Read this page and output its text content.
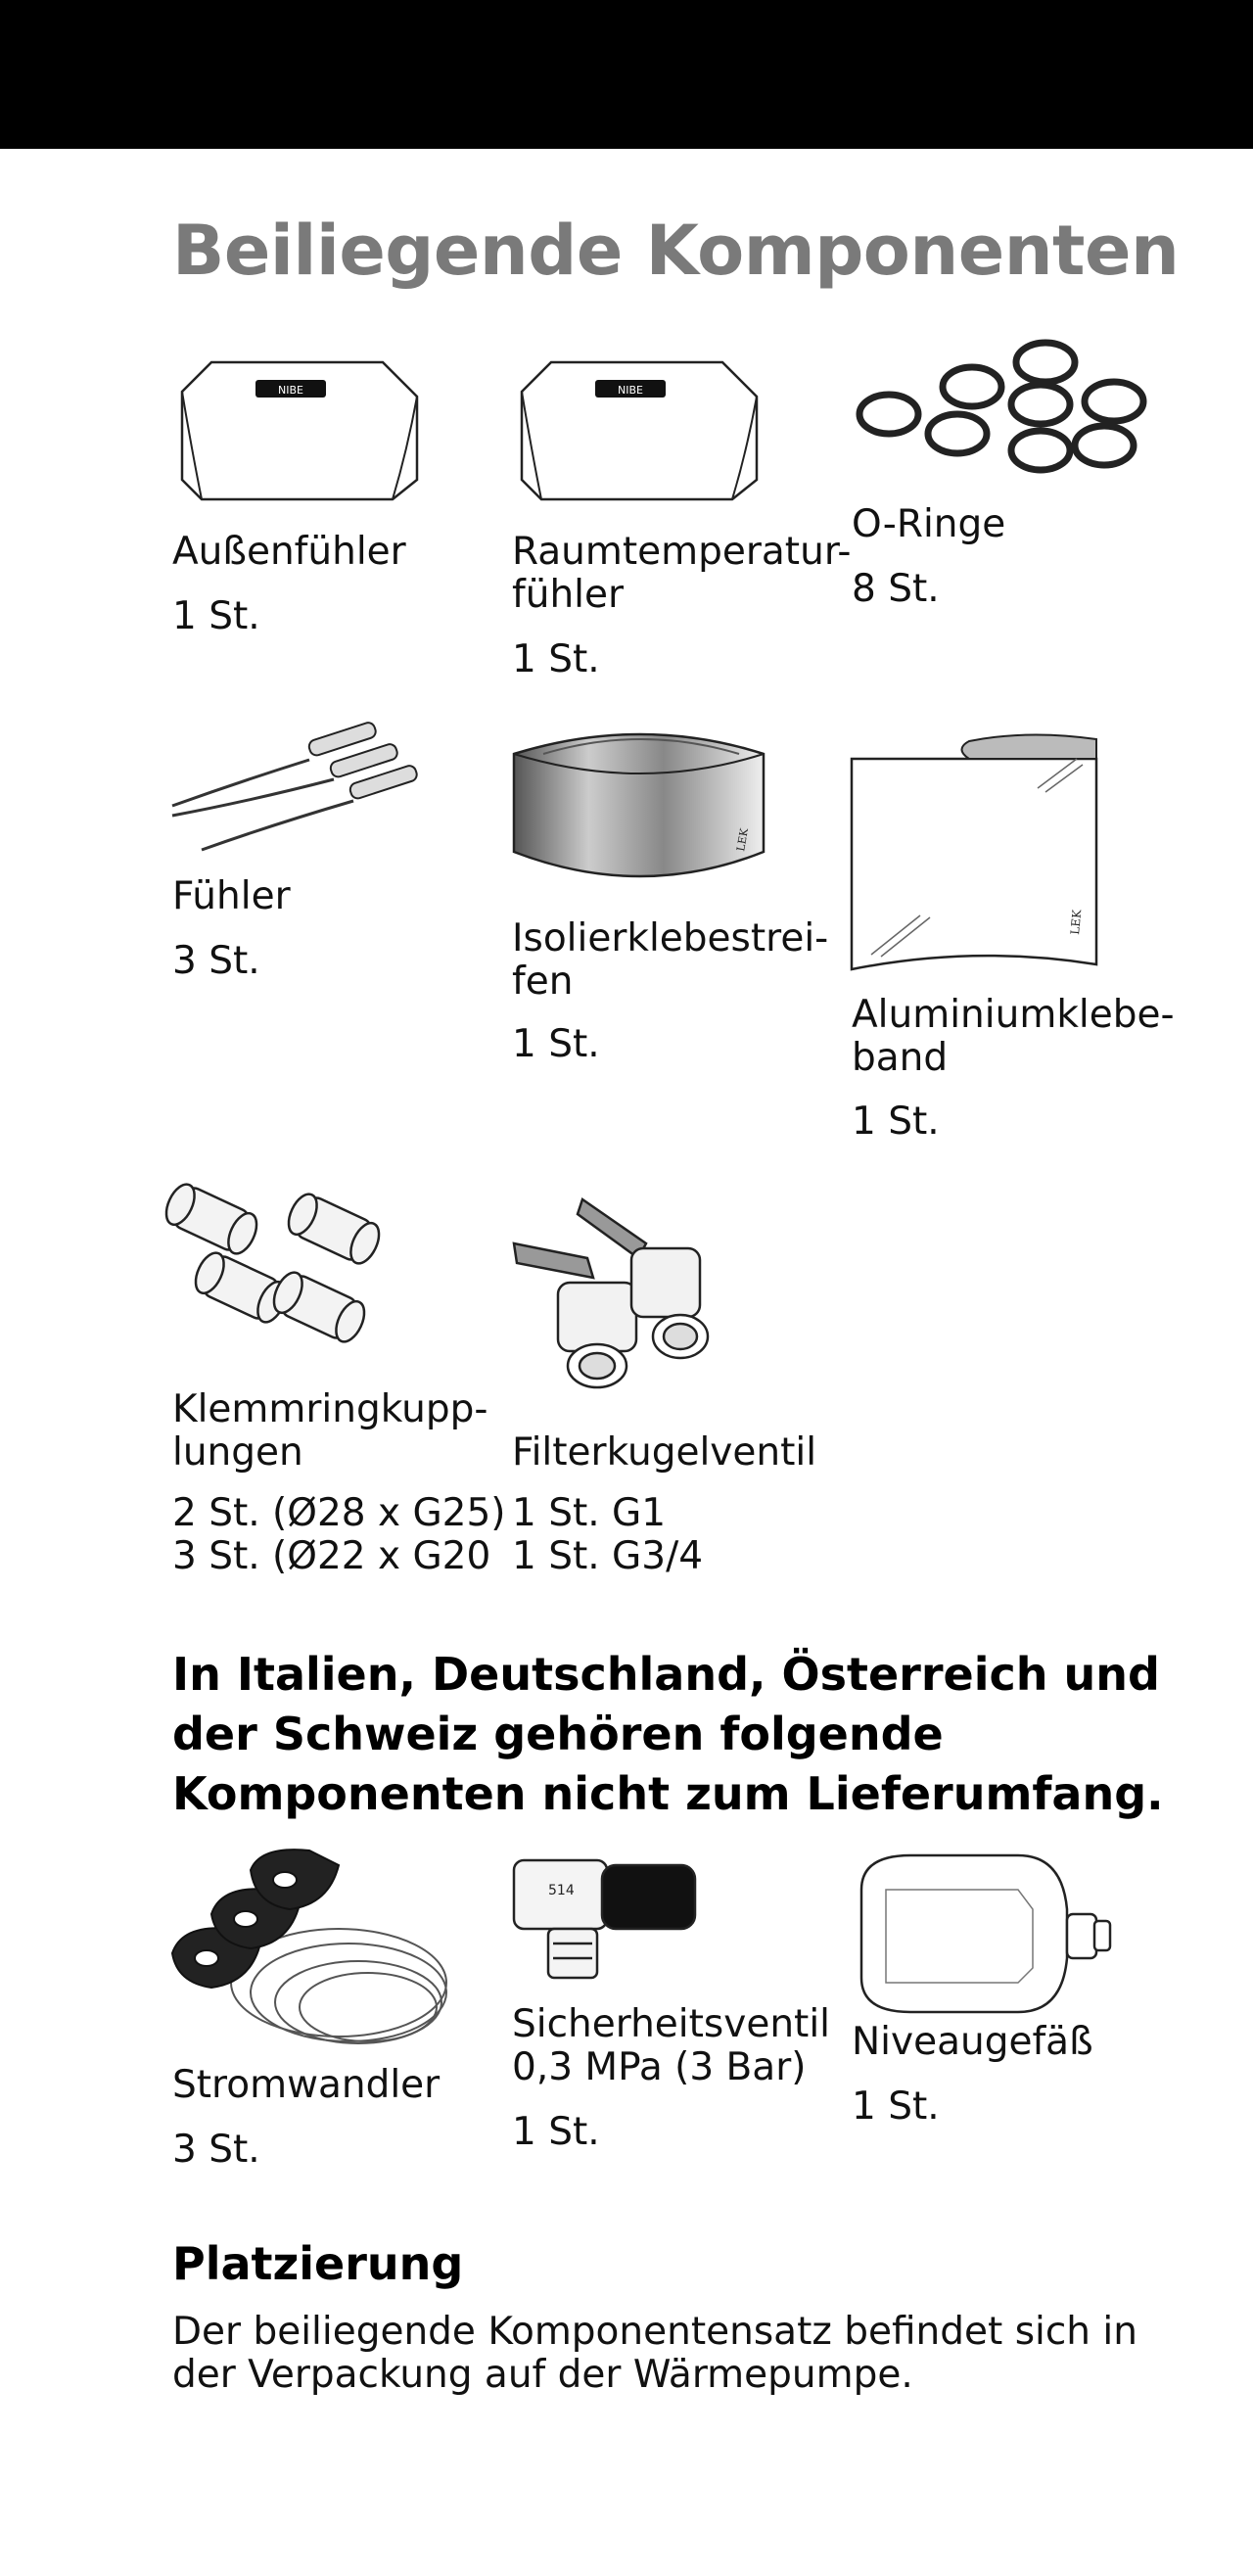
Beiliegende Komponenten
NIBE
Außenfühler
1 St.
NIBE
Raumtemperatur-
fühler
1 St.
O-Ringe
8 St.
Fühler
3 St.
LEK
Isolierklebestrei-
fen
1 St.
LEK
Aluminiumklebe-
band
1 St.
Klemmringkupp-
lungen
2 St. (Ø28 x G25)
3 St. (Ø22 x G20
Filterkugelventil
1 St. G1
1 St. G3/4
In Italien, Deutschland, Österreich und der Schweiz gehören folgende Komponenten nicht zum Lieferumfang.
Stromwandler
3 St.
514
Sicherheitsventil
0,3 MPa (3 Bar)
1 St.
Niveaugefäß
1 St.
Platzierung
Der beiliegende Komponentensatz befindet sich in der Verpackung auf der Wärmepumpe.
